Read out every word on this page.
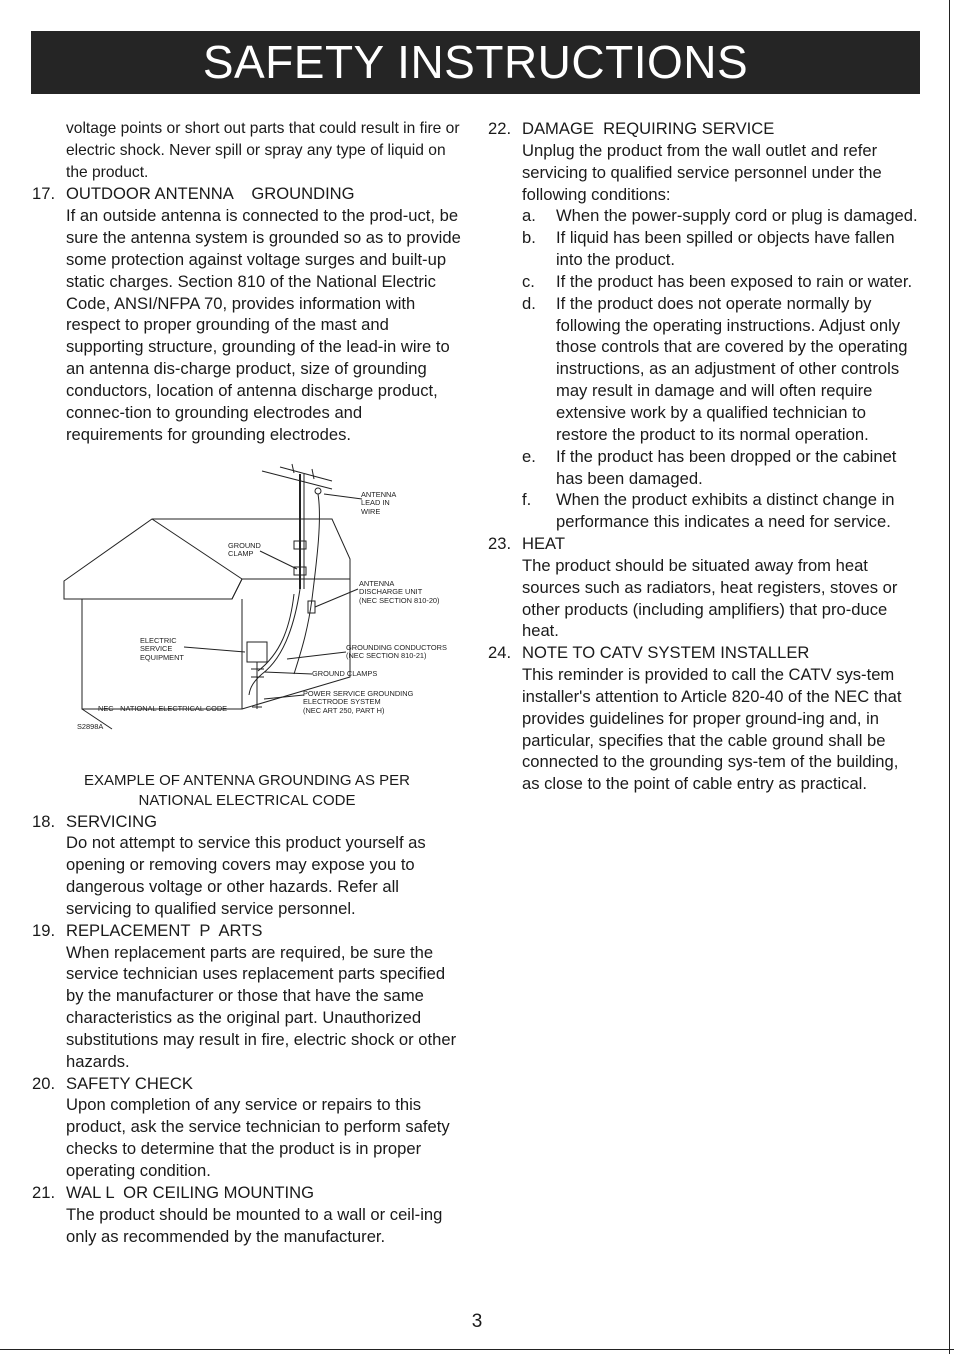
SAFETY INSTRUCTIONS
voltage points or short out parts that could result in fire or electric shock. Never spill or spray any type of liquid on the product.
17. OUTDOOR ANTENNA    GROUNDING
If an outside antenna is connected to the prod-uct, be sure the antenna system is grounded so as to provide some protection against voltage surges and built-up static charges. Section 810 of the National Electric Code, ANSI/NFPA 70, provides information with respect to proper grounding of the mast and supporting structure, grounding of the lead-in wire to an antenna dis-charge product, size of grounding conductors, location of antenna discharge product, connec-tion to grounding electrodes and requirements for grounding electrodes.
ANTENNA
LEAD IN
WIRE
GROUND
CLAMP
ANTENNA
DISCHARGE UNIT
(NEC SECTION 810-20)
ELECTRIC
SERVICE
EQUIPMENT
GROUNDING CONDUCTORS
(NEC SECTION 810-21)
GROUND CLAMPS
POWER SERVICE GROUNDING
ELECTRODE SYSTEM
(NEC ART 250, PART H)
NEC - NATIONAL ELECTRICAL CODE
S2898A
EXAMPLE OF ANTENNA GROUNDING AS PER
NATIONAL ELECTRICAL CODE
18. SERVICING
Do not attempt to service this product yourself as opening or removing covers may expose you to dangerous voltage or other hazards. Refer all servicing to qualified service personnel.
19. REPLACEMENT  P  ARTS
When replacement parts are required, be sure the service technician uses replacement parts specified by the manufacturer or those that have the same characteristics as the original part. Unauthorized substitutions may result in fire, electric shock or other hazards.
20. SAFETY CHECK
Upon completion of any service or repairs to this product, ask the service technician to perform safety checks to determine that the product is in proper operating condition.
21. WAL L  OR CEILING MOUNTING
The product should be mounted to a wall or ceil-ing only as recommended by the manufacturer.
22. DAMAGE  REQUIRING SERVICE
Unplug the product from the wall outlet and refer servicing to qualified service personnel under the following conditions:
a.	When the power-supply cord or plug is damaged.
b.	If liquid has been spilled or objects have fallen into the product.
c.	If the product has been exposed to rain or water.
d.	If the product does not operate normally by following the operating instructions. Adjust only those controls that are covered by the operating instructions, as an adjustment of other controls may result in damage and will often require extensive work by a qualified technician to restore the product to its normal operation.
e.	If the product has been dropped or the cabinet has been damaged.
f.	When the product exhibits a distinct change in performance this indicates a need for service.
23. HEAT
The product should be situated away from heat sources such as radiators, heat registers, stoves or other products (including amplifiers) that pro-duce heat.
24. NOTE TO CATV SYSTEM INSTALLER
This reminder is provided to call the CATV sys-tem installer's attention to Article 820-40 of the NEC that provides guidelines for proper ground-ing and, in particular, specifies that the cable ground shall be connected to the grounding sys-tem of the building, as close to the point of cable entry as practical.
3
